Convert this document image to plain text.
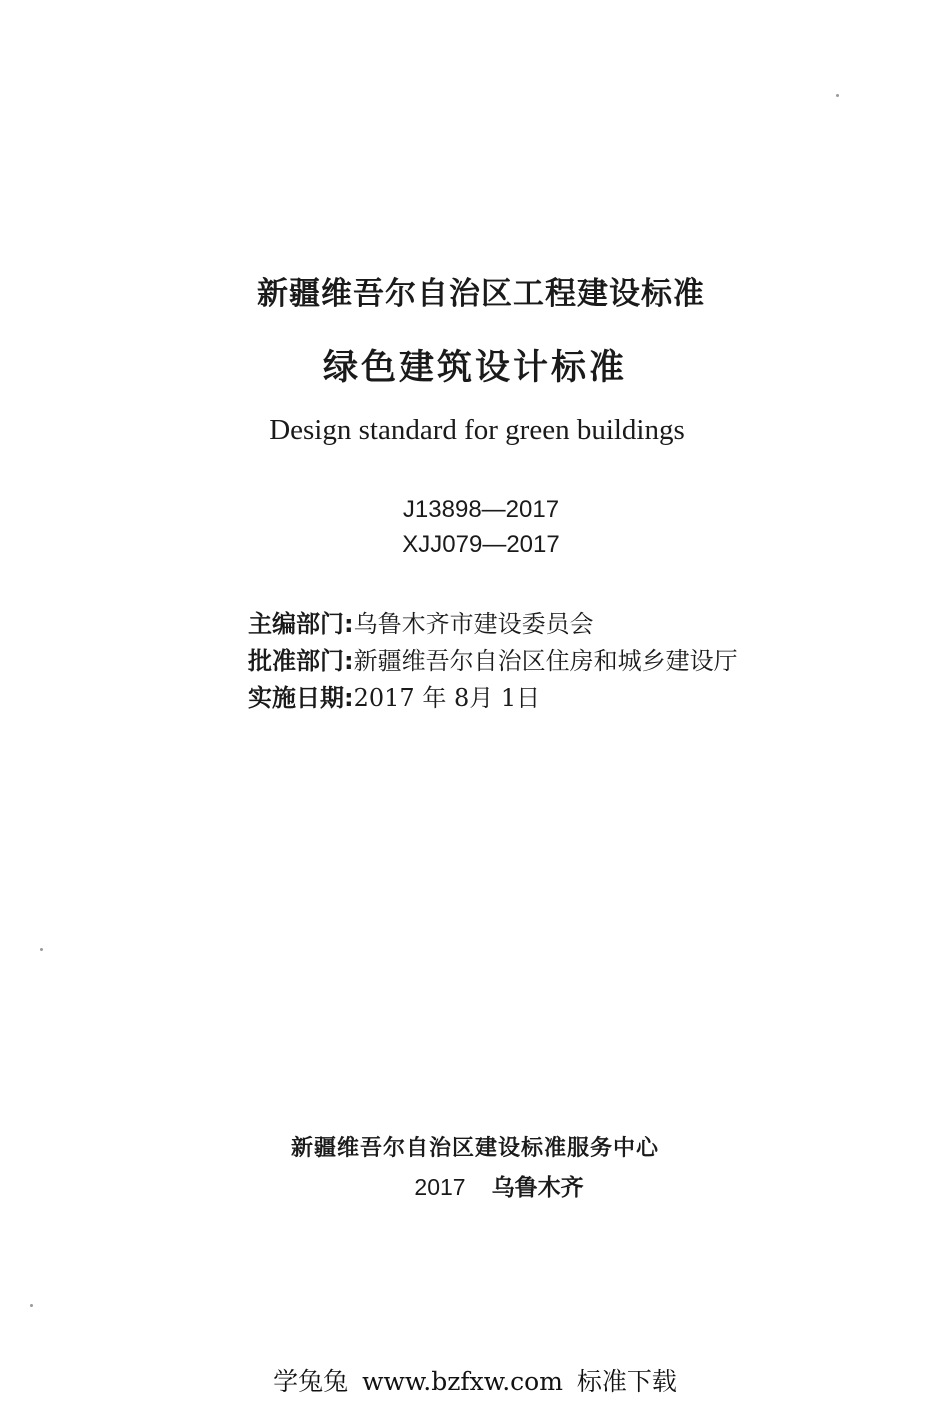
新疆维吾尔自治区工程建设标准
绿色建筑设计标准
Design standard for green buildings
J13898—2017
XJJ079—2017
主编部门:乌鲁木齐市建设委员会
批准部门:新疆维吾尔自治区住房和城乡建设厅
实施日期:2017 年 8月 1日
新疆维吾尔自治区建设标准服务中心
2017 乌鲁木齐
学兔兔 www.bzfxw.com 标准下载
